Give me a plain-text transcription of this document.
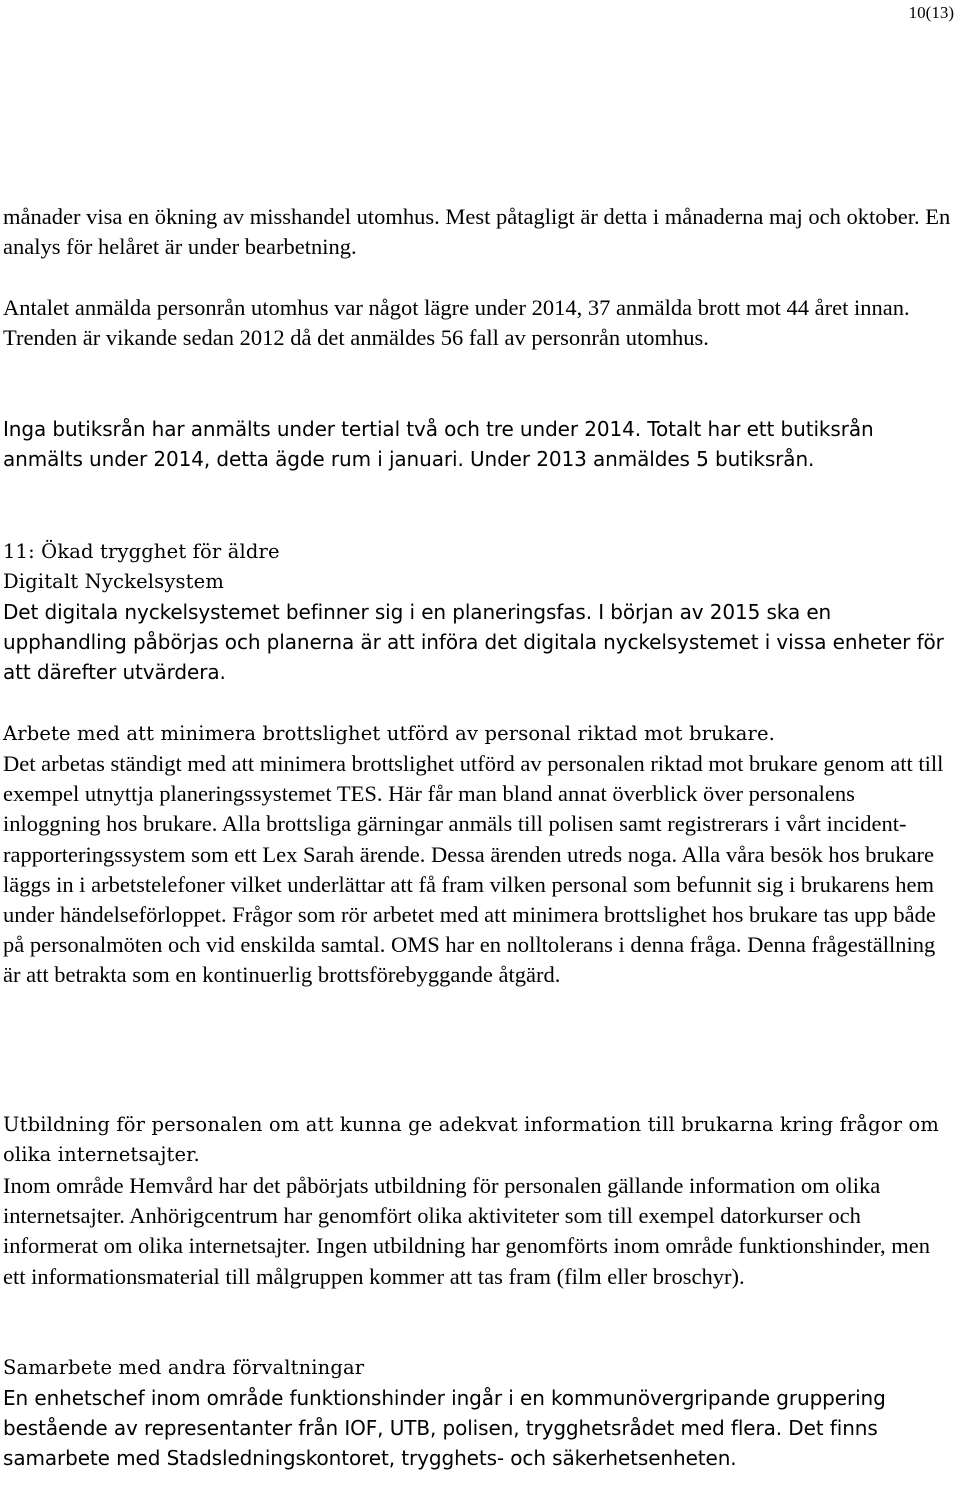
10(13)

månader visa en ökning av misshandel utomhus. Mest påtagligt är detta i månaderna maj och oktober. En analys för helåret är under bearbetning.

Antalet anmälda personrån utomhus var något lägre under 2014, 37 anmälda brott mot 44 året innan. Trenden är vikande sedan 2012 då det anmäldes 56 fall av personrån utomhus.

Inga butiksrån har anmälts under tertial två och tre under 2014. Totalt har ett butiksrån anmälts under 2014, detta ägde rum i januari. Under 2013 anmäldes 5 butiksrån.

11: Ökad trygghet för äldre
Digitalt Nyckelsystem

Det digitala nyckelsystemet befinner sig i en planeringsfas. I början av 2015 ska en upphandling påbörjas och planerna är att införa det digitala nyckelsystemet i vissa enheter för att därefter utvärdera.

Arbete med att minimera brottslighet utförd av personal riktad mot brukare.

Det arbetas ständigt med att minimera brottslighet utförd av personalen riktad mot brukare genom att till exempel utnyttja planeringssystemet TES. Här får man bland annat överblick över personalens inloggning hos brukare. Alla brottsliga gärningar anmäls till polisen samt registrerars i vårt incident-rapporteringssystem som ett Lex Sarah ärende. Dessa ärenden utreds noga. Alla våra besök hos brukare läggs in i arbetstelefoner vilket underlättar att få fram vilken personal som befunnit sig i brukarens hem under händelseförloppet. Frågor som rör arbetet med att minimera brottslighet hos brukare tas upp både på personalmöten och vid enskilda samtal. OMS har en nolltolerans i denna fråga. Denna frågeställning är att betrakta som en kontinuerlig brottsförebyggande åtgärd.

Utbildning för personalen om att kunna ge adekvat information till brukarna kring frågor om olika internetsajter.

Inom område Hemvård har det påbörjats utbildning för personalen gällande information om olika internetsajter. Anhörigcentrum har genomfört olika aktiviteter som till exempel datorkurser och informerat om olika internetsajter. Ingen utbildning har genomförts inom område funktionshinder, men ett informationsmaterial till målgruppen kommer att tas fram (film eller broschyr).

Samarbete med andra förvaltningar

En enhetschef inom område funktionshinder ingår i en kommunövergripande gruppering bestående av representanter från IOF, UTB, polisen, trygghetsrådet med flera. Det finns samarbete med Stadsledningskontoret, trygghets- och säkerhetsenheten.
